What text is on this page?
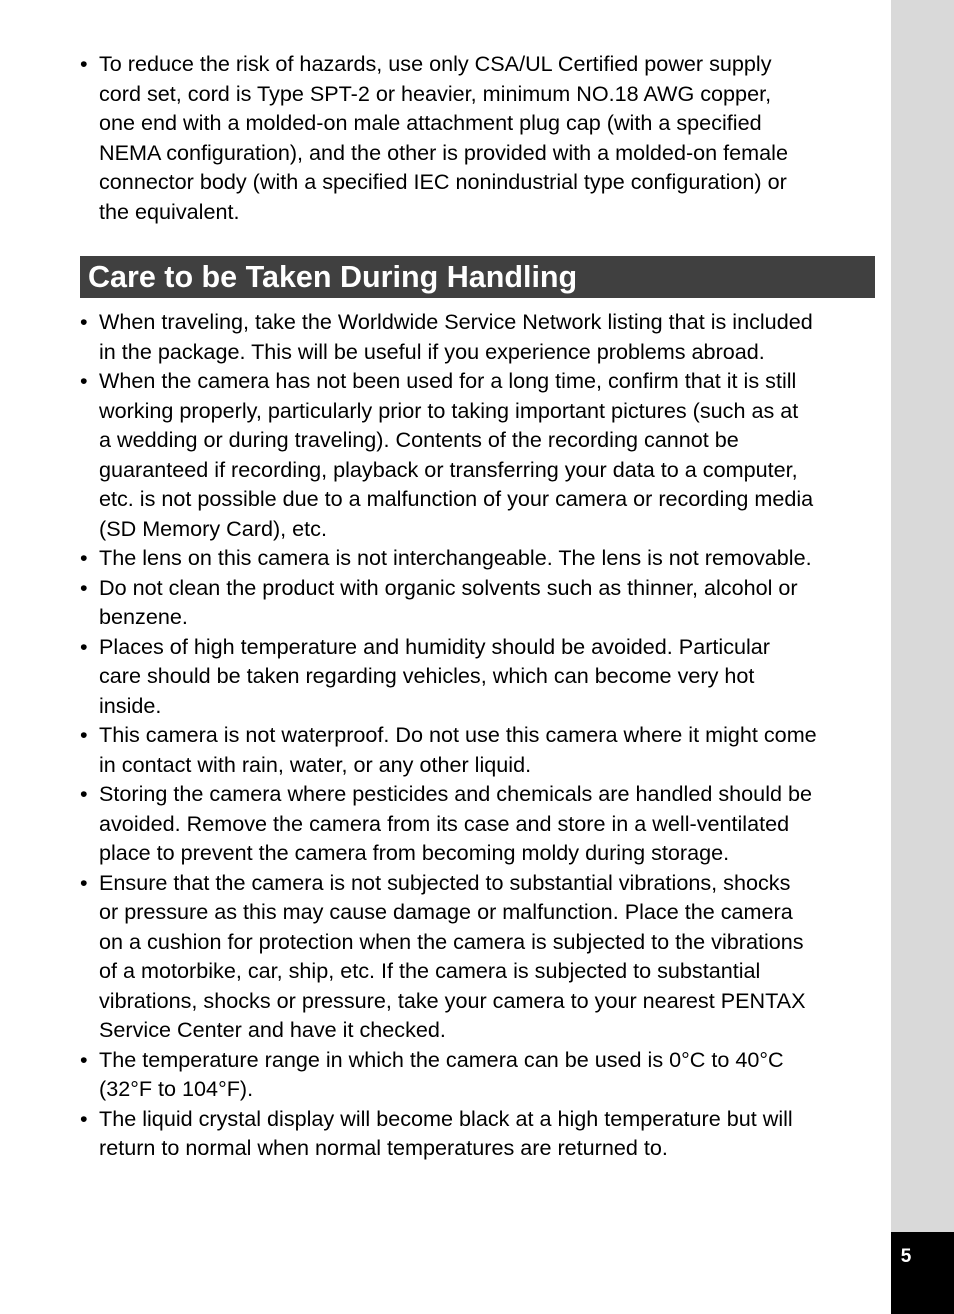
5
• To reduce the risk of hazards, use only CSA/UL Certified power supply
cord set, cord is Type SPT-2 or heavier, minimum NO.18 AWG copper,
one end with a molded-on male attachment plug cap (with a specified
NEMA configuration), and the other is provided with a molded-on female
connector body (with a specified IEC nonindustrial type configuration) or
the equivalent.
Care to be Taken During Handling
• When traveling, take the Worldwide Service Network listing that is included
in the package. This will be useful if you experience problems abroad.
• When the camera has not been used for a long time, confirm that it is still
working properly, particularly prior to taking important pictures (such as at
a wedding or during traveling). Contents of the recording cannot be
guaranteed if recording, playback or transferring your data to a computer,
etc. is not possible due to a malfunction of your camera or recording media
(SD Memory Card), etc.
• The lens on this camera is not interchangeable. The lens is not removable.
• Do not clean the product with organic solvents such as thinner, alcohol or
benzene.
• Places of high temperature and humidity should be avoided. Particular
care should be taken regarding vehicles, which can become very hot
inside.
• This camera is not waterproof. Do not use this camera where it might come
in contact with rain, water, or any other liquid.
• Storing the camera where pesticides and chemicals are handled should be
avoided. Remove the camera from its case and store in a well-ventilated
place to prevent the camera from becoming moldy during storage.
• Ensure that the camera is not subjected to substantial vibrations, shocks
or pressure as this may cause damage or malfunction. Place the camera
on a cushion for protection when the camera is subjected to the vibrations
of a motorbike, car, ship, etc. If the camera is subjected to substantial
vibrations, shocks or pressure, take your camera to your nearest PENTAX
Service Center and have it checked.
• The temperature range in which the camera can be used is 0°C to 40°C
(32°F to 104°F).
• The liquid crystal display will become black at a high temperature but will
return to normal when normal temperatures are returned to.
